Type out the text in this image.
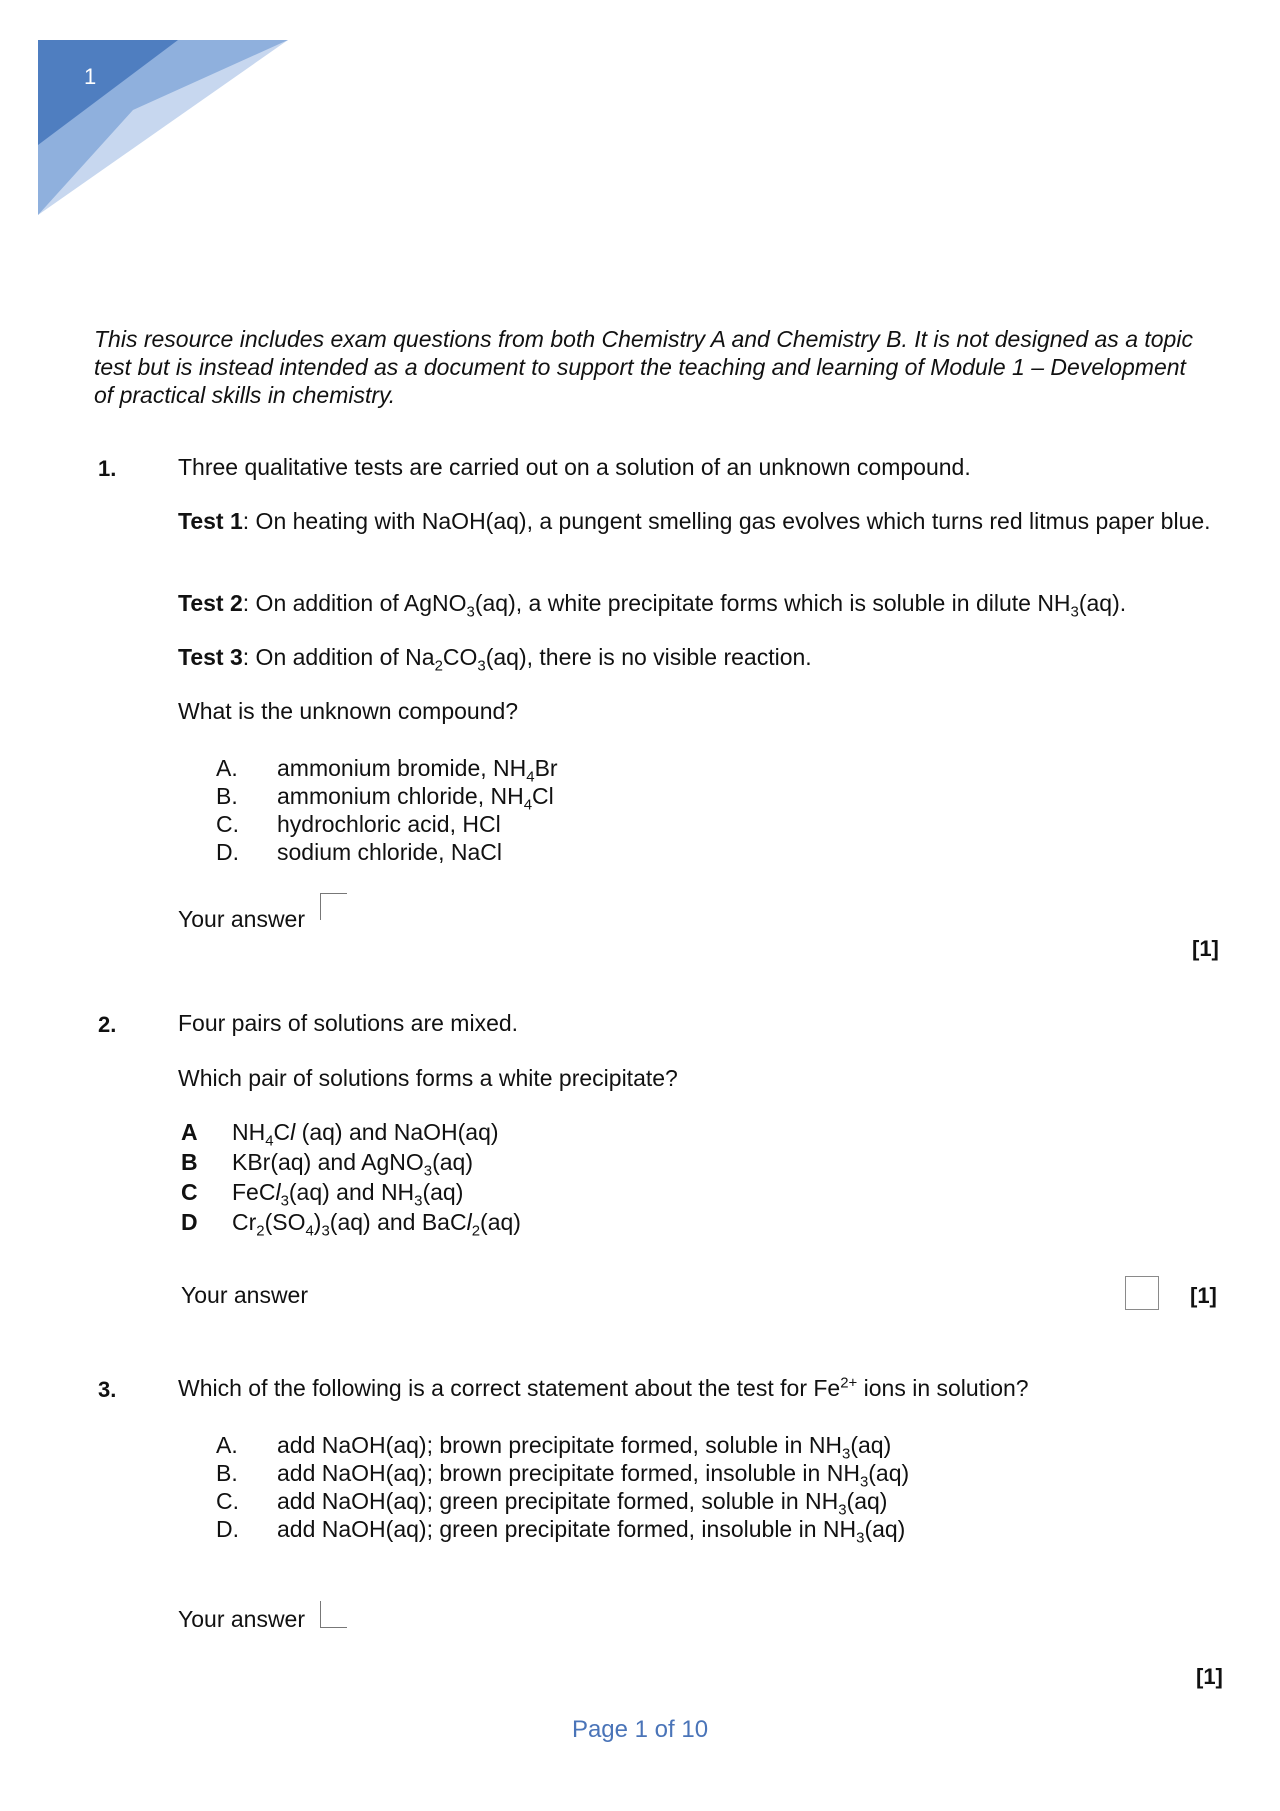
1
This resource includes exam questions from both Chemistry A and Chemistry B. It is not designed as a topic test but is instead intended as a document to support the teaching and learning of Module 1 – Development of practical skills in chemistry.
1.	Three qualitative tests are carried out on a solution of an unknown compound.
Test 1: On heating with NaOH(aq), a pungent smelling gas evolves which turns red litmus paper blue.
Test 2: On addition of AgNO$_3$(aq), a white precipitate forms which is soluble in dilute $NH_3(aq)$.
Test 3: On addition of $Na_2CO_3(aq)$, there is no visible reaction.
What is the unknown compound?
A. ammonium bromide, $NH_4Br$
B. ammonium chloride, $NH_4Cl$
C. hydrochloric acid, HCl
D. sodium chloride, NaCl
Your answer
[1]
2.	Four pairs of solutions are mixed.
Which pair of solutions forms a white precipitate?
A $NH_4Cl$ (aq) and NaOH(aq)
B KBr(aq) and AgNO$_3$(aq)
C FeCl$_3$(aq) and $NH_3(aq)$
D $Cr_2(SO_4)_3(aq)$ and BaCl$_2$(aq)
Your answer	[1]
3.	Which of the following is a correct statement about the test for $Fe^{2+}$ ions in solution?
A. add NaOH(aq); brown precipitate formed, soluble in $NH_3(aq)$
B. add NaOH(aq); brown precipitate formed, insoluble in $NH_3(aq)$
C. add NaOH(aq); green precipitate formed, soluble in $NH_3(aq)$
D. add NaOH(aq); green precipitate formed, insoluble in $NH_3(aq)$
Your answer
[1]
Page 1 of 10
